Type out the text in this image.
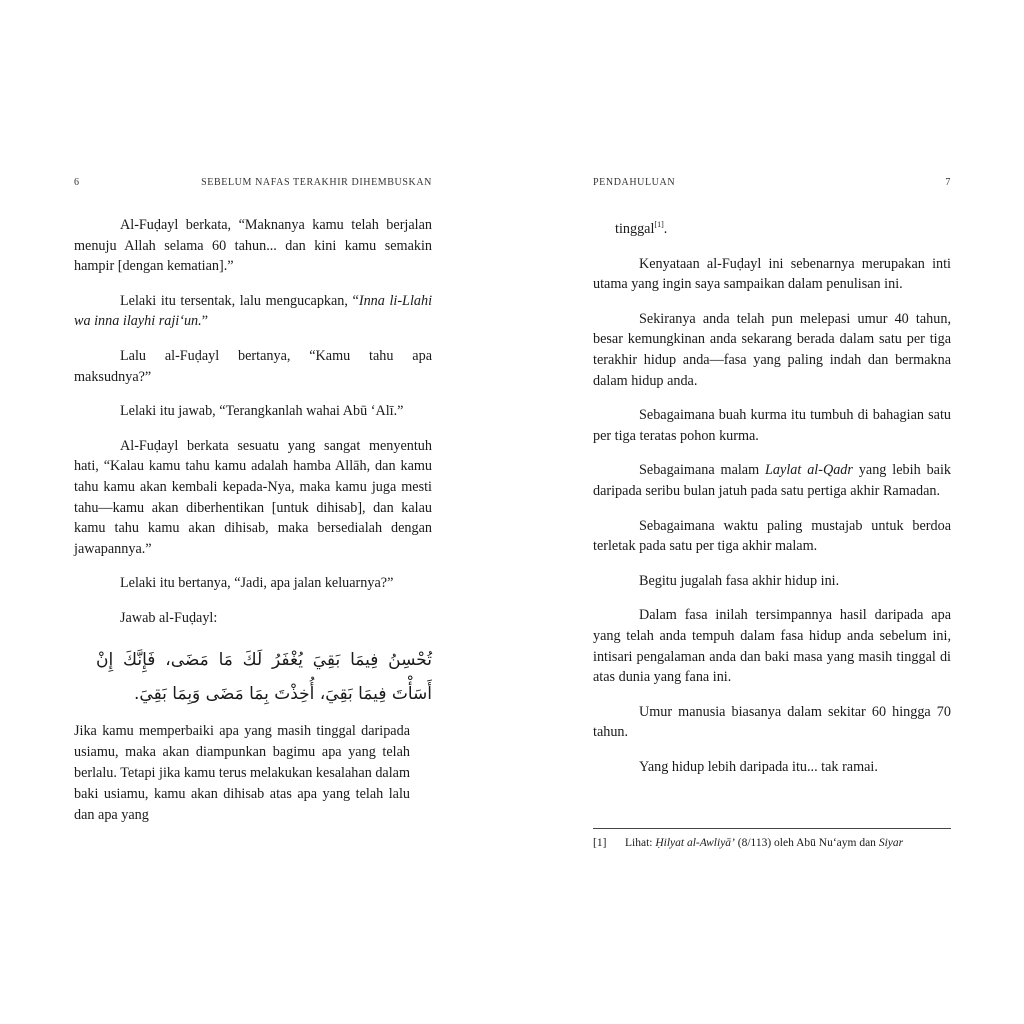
6	SEBELUM NAFAS TERAKHIR DIHEMBUSKAN

Al-Fuḍayl berkata, “Maknanya kamu telah berjalan menuju Allah selama 60 tahun... dan kini kamu semakin hampir [dengan kematian].”

Lelaki itu tersentak, lalu mengucapkan, “Inna li-Llahi wa inna ilayhi raji‘un.”

Lalu al-Fuḍayl bertanya, “Kamu tahu apa maksudnya?”

Lelaki itu jawab, “Terangkanlah wahai Abū ‘Alī.”

Al-Fuḍayl berkata sesuatu yang sangat menyentuh hati, “Kalau kamu tahu kamu adalah hamba Allāh, dan kamu tahu kamu akan kembali kepada-Nya, maka kamu juga mesti tahu—kamu akan diberhentikan [untuk dihisab], dan kalau kamu tahu kamu akan dihisab, maka bersedialah dengan jawapannya.”

Lelaki itu bertanya, “Jadi, apa jalan keluarnya?”

Jawab al-Fuḍayl:

تُحْسِنُ فِيمَا بَقِيَ يُغْفَرُ لَكَ مَا مَضَى، فَإِنَّكَ إِنْ أَسَأْتَ فِيمَا بَقِيَ، أُخِذْتَ بِمَا مَضَى وَبِمَا بَقِيَ.
Jika kamu memperbaiki apa yang masih tinggal daripada usiamu, maka akan diampunkan bagimu apa yang telah berlalu. Tetapi jika kamu terus melakukan kesalahan dalam baki usiamu, kamu akan dihisab atas apa yang telah lalu dan apa yang
PENDAHULUAN	7

tinggal[1].

Kenyataan al-Fuḍayl ini sebenarnya merupakan inti utama yang ingin saya sampaikan dalam penulisan ini.

Sekiranya anda telah pun melepasi umur 40 tahun, besar kemungkinan anda sekarang berada dalam satu per tiga terakhir hidup anda—fasa yang paling indah dan bermakna dalam hidup anda.

Sebagaimana buah kurma itu tumbuh di bahagian satu per tiga teratas pohon kurma.

Sebagaimana malam Laylat al-Qadr yang lebih baik daripada seribu bulan jatuh pada satu pertiga akhir Ramadan.

Sebagaimana waktu paling mustajab untuk berdoa terletak pada satu per tiga akhir malam.

Begitu jugalah fasa akhir hidup ini.

Dalam fasa inilah tersimpannya hasil daripada apa yang telah anda tempuh dalam fasa hidup anda sebelum ini, intisari pengalaman anda dan baki masa yang masih tinggal di atas dunia yang fana ini.

Umur manusia biasanya dalam sekitar 60 hingga 70 tahun.

Yang hidup lebih daripada itu... tak ramai.

[1] Lihat: Ḥilyat al-Awliyā’ (8/113) oleh Abū Nu‘aym dan Siyar
